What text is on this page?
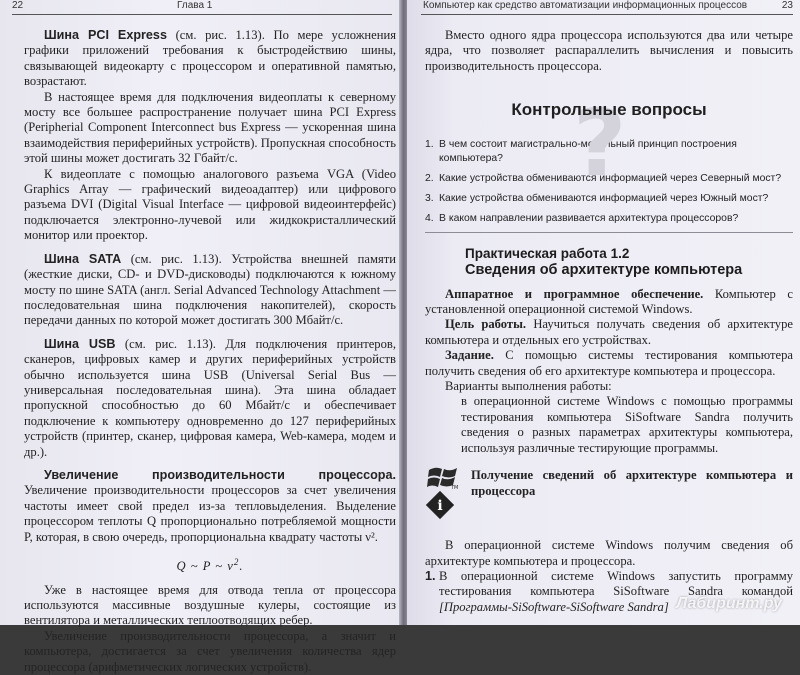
22	Глава 1

Шина PCI Express (см. рис. 1.13). По мере усложнения графики приложений требования к быстродействию шины, связывающей видеокарту с процессором и оперативной памятью, возрастают.

В настоящее время для подключения видеоплаты к северному мосту все большее распространение получает шина PCI Express (Peripherial Component Interconnect bus Express — ускоренная шина взаимодействия периферийных устройств). Пропускная способность этой шины может достигать 32 Гбайт/с.

К видеоплате с помощью аналогового разъема VGA (Video Graphics Array — графический видеоадаптер) или цифрового разъема DVI (Digital Visual Interface — цифровой видеоинтерфейс) подключается электронно-лучевой или жидкокристаллический монитор или проектор.

Шина SATA (см. рис. 1.13). Устройства внешней памяти (жесткие диски, CD- и DVD-дисководы) подключаются к южному мосту по шине SATA (англ. Serial Advanced Technology Attachment — последовательная шина подключения накопителей), скорость передачи данных по которой может достигать 300 Мбайт/с.

Шина USB (см. рис. 1.13). Для подключения принтеров, сканеров, цифровых камер и других периферийных устройств обычно используется шина USB (Universal Serial Bus — универсальная последовательная шина). Эта шина обладает пропускной способностью до 60 Мбайт/с и обеспечивает подключение к компьютеру одновременно до 127 периферийных устройств (принтер, сканер, цифровая камера, Web-камера, модем и др.).

Увеличение производительности процессора. Увеличение производительности процессоров за счет увеличения частоты имеет свой предел из-за тепловыделения. Выделение процессором теплоты Q пропорционально потребляемой мощности P, которая, в свою очередь, пропорциональна квадрату частоты ν².

Q ~ P ~ $\nu^2$.

Уже в настоящее время для отвода тепла от процессора используются массивные воздушные кулеры, состоящие из вентилятора и металлических теплоотводящих ребер.

Увеличение производительности процессора, а значит и компьютера, достигается за счет увеличения количества ядер процессора (арифметических логических устройств).

Компьютер как средство автоматизации информационных процессов	23

Вместо одного ядра процессора используются два или четыре ядра, что позволяет распараллелить вычисления и повысить производительность процессора.

?
Контрольные вопросы
1. В чем состоит магистрально-модульный принцип построения компьютера?
2. Какие устройства обмениваются информацией через Северный мост?
3. Какие устройства обмениваются информацией через Южный мост?
4. В каком направлении развивается архитектура процессоров?
Практическая работа 1.2
Сведения об архитектуре компьютера

Аппаратное и программное обеспечение. Компьютер с установленной операционной системой Windows.

Цель работы. Научиться получать сведения об архитектуре компьютера и отдельных его устройствах.

Задание. С помощью системы тестирования компьютера получить сведения об его архитектуре компьютера и процессора.

Варианты выполнения работы:

в операционной системе Windows с помощью программы тестирования компьютера SiSoftware Sandra получить сведения о разных параметрах архитектуры компьютера, используя различные тестирующие программы.

TM
i
Получение сведений об архитектуре компьютера и процессора

В операционной системе Windows получим сведения об архитектуре компьютера и процессора.

1. В операционной системе Windows запустить программу тестирования компьютера SiSoftware Sandra командой [Программы-SiSoftware-SiSoftware Sandra] Лабиринт.ру
